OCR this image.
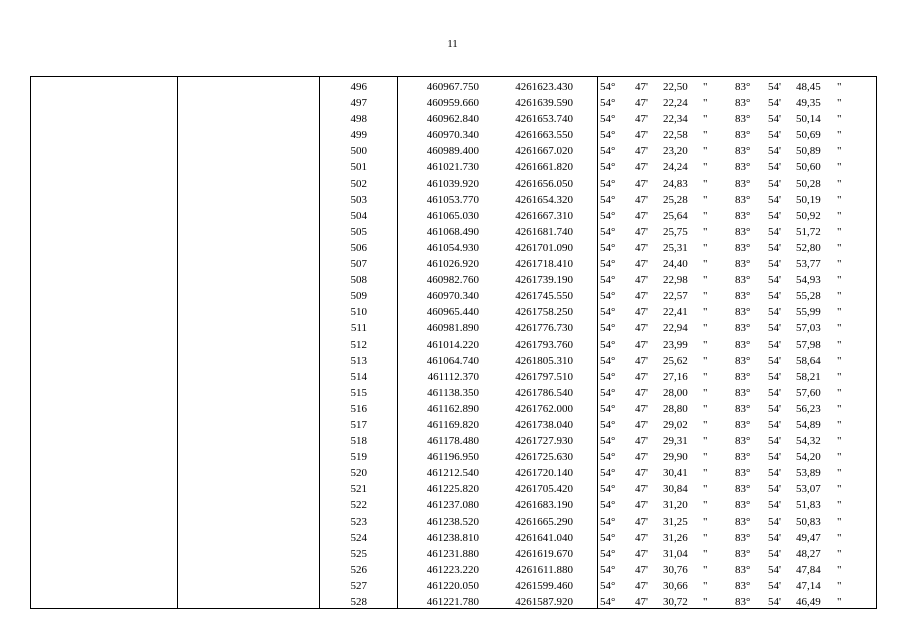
11
496	460967.750	4261623.430 54° 47' 22,50	"	83° 54' 48,45	"
497	460959.660	4261639.590 54° 47' 22,24	"	83° 54' 49,35	"
498	460962.840	4261653.740 54° 47' 22,34	"	83° 54' 50,14	"
499	460970.340	4261663.550 54° 47' 22,58	"	83° 54' 50,69	"
500	460989.400	4261667.020 54° 47' 23,20	"	83° 54' 50,89	"
501	461021.730	4261661.820 54° 47' 24,24	"	83° 54' 50,60	"
502	461039.920	4261656.050 54° 47' 24,83	"	83° 54' 50,28	"
503	461053.770	4261654.320 54° 47' 25,28	"	83° 54' 50,19	"
504	461065.030	4261667.310 54° 47' 25,64	"	83° 54' 50,92	"
505	461068.490	4261681.740 54° 47' 25,75	"	83° 54' 51,72	"
506	461054.930	4261701.090 54° 47' 25,31	"	83° 54' 52,80	"
507	461026.920	4261718.410 54° 47' 24,40	"	83° 54' 53,77	"
508	460982.760	4261739.190 54° 47' 22,98	"	83° 54' 54,93	"
509	460970.340	4261745.550 54° 47' 22,57	"	83° 54' 55,28	"
510	460965.440	4261758.250 54° 47' 22,41	"	83° 54' 55,99	"
511	460981.890	4261776.730 54° 47' 22,94	"	83° 54' 57,03	"
512	461014.220	4261793.760 54° 47' 23,99	"	83° 54' 57,98	"
513	461064.740	4261805.310 54° 47' 25,62	"	83° 54' 58,64	"
514	461112.370	4261797.510 54° 47' 27,16	"	83° 54' 58,21	"
515	461138.350	4261786.540 54° 47' 28,00	"	83° 54' 57,60	"
516	461162.890	4261762.000 54° 47' 28,80	"	83° 54' 56,23	"
517	461169.820	4261738.040 54° 47' 29,02	"	83° 54' 54,89	"
518	461178.480	4261727.930 54° 47' 29,31	"	83° 54' 54,32	"
519	461196.950	4261725.630 54° 47' 29,90	"	83° 54' 54,20	"
520	461212.540	4261720.140 54° 47' 30,41	"	83° 54' 53,89	"
521	461225.820	4261705.420 54° 47' 30,84	"	83° 54' 53,07	"
522	461237.080	4261683.190 54° 47' 31,20	"	83° 54' 51,83	"
523	461238.520	4261665.290 54° 47' 31,25	"	83° 54' 50,83	"
524	461238.810	4261641.040 54° 47' 31,26	"	83° 54' 49,47	"
525	461231.880	4261619.670 54° 47' 31,04	"	83° 54' 48,27	"
526	461223.220	4261611.880 54° 47' 30,76	"	83° 54' 47,84	"
527	461220.050	4261599.460 54° 47' 30,66	"	83° 54' 47,14	"
528	461221.780	4261587.920 54° 47' 30,72	"	83° 54' 46,49	"
